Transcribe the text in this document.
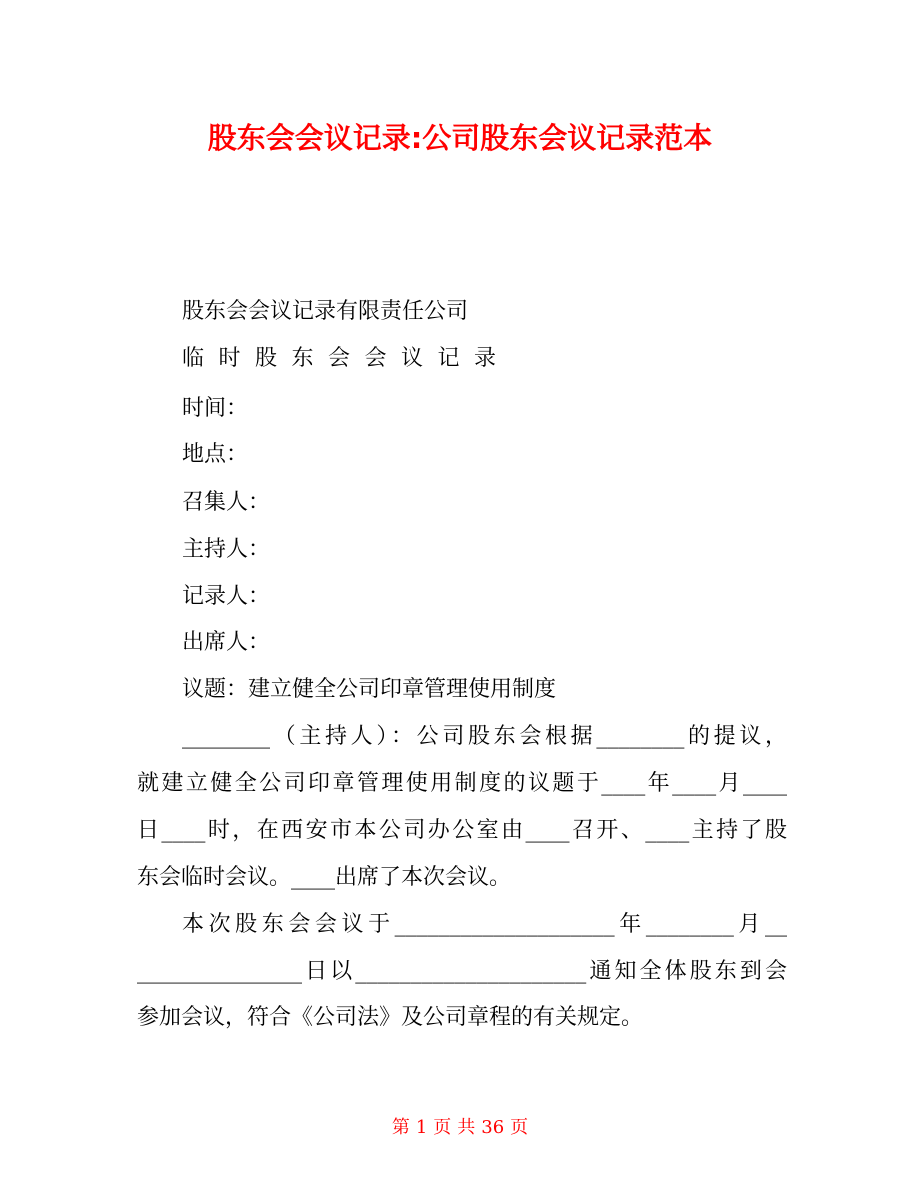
股东会会议记录:公司股东会议记录范本
股东会会议记录有限责任公司
临时股东会会议记录
时间：
地点：
召集人：
主持人：
记录人：
出席人：
议题：建立健全公司印章管理使用制度
________（主持人）：公司股东会根据________的提议，
就建立健全公司印章管理使用制度的议题于____年____月____
日____时，在西安市本公司办公室由____召开、____主持了股
东会临时会议。____出席了本次会议。
本次股东会会议于____________________年________月__
_______________日以_____________________通知全体股东到会
参加会议，符合《公司法》及公司章程的有关规定。
第 1 页 共 36 页
